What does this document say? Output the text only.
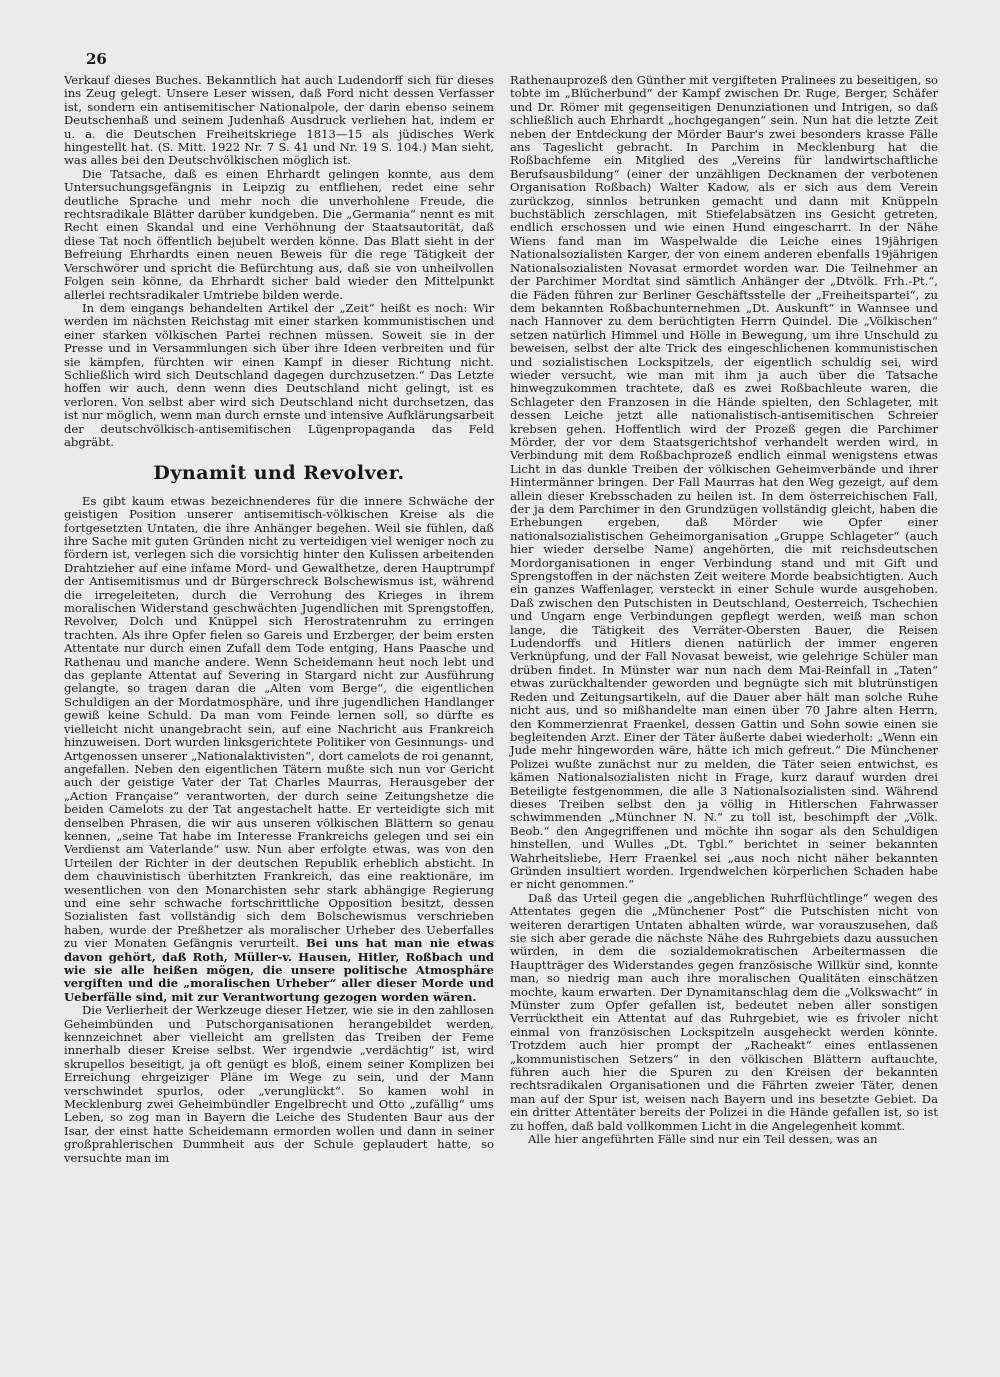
26

Verkauf dieses Buches. Bekanntlich hat auch Ludendorff sich für dieses ins Zeug gelegt. Unsere Leser wissen, daß Ford nicht dessen Verfasser ist, sondern ein antisemitischer Nationalpole, der darin ebenso seinem Deutschenhaß und seinem Judenhaß Ausdruck verliehen hat, indem er u. a. die Deutschen Freiheitskriege 1813—15 als jüdisches Werk hingestellt hat. (S. Mitt. 1922 Nr. 7 S. 41 und Nr. 19 S. 104.) Man sieht, was alles bei den Deutschvölkischen möglich ist.

Die Tatsache, daß es einen Ehrhardt gelingen konnte, aus dem Untersuchungsgefängnis in Leipzig zu entfliehen, redet eine sehr deutliche Sprache und mehr noch die unverhohlene Freude, die rechtsradikale Blätter darüber kundgeben. Die „Germania“ nennt es mit Recht einen Skandal und eine Verhöhnung der Staatsautorität, daß diese Tat noch öffentlich bejubelt werden könne. Das Blatt sieht in der Befreiung Ehrhardts einen neuen Beweis für die rege Tätigkeit der Verschwörer und spricht die Befürchtung aus, daß sie von unheilvollen Folgen sein könne, da Ehrhardt sicher bald wieder den Mittelpunkt allerlei rechtsradikaler Umtriebe bilden werde.

In dem eingangs behandelten Artikel der „Zeit“ heißt es noch: Wir werden im nächsten Reichstag mit einer starken kommunistischen und einer starken völkischen Partei rechnen müssen. Soweit sie in der Presse und in Versammlungen sich über ihre Ideen verbreiten und für sie kämpfen, fürchten wir einen Kampf in dieser Richtung nicht. Schließlich wird sich Deutschland dagegen durchzusetzen.“ Das Letzte hoffen wir auch, denn wenn dies Deutschland nicht gelingt, ist es verloren. Von selbst aber wird sich Deutschland nicht durchsetzen, das ist nur möglich, wenn man durch ernste und intensive Aufklärungsarbeit der deutschvölkisch-antisemitischen Lügenpropaganda das Feld abgräbt.

Dynamit und Revolver.

Es gibt kaum etwas bezeichnenderes für die innere Schwäche der geistigen Position unserer antisemitisch-völkischen Kreise als die fortgesetzten Untaten, die ihre Anhänger begehen. Weil sie fühlen, daß ihre Sache mit guten Gründen nicht zu verteidigen viel weniger noch zu fördern ist, verlegen sich die vorsichtig hinter den Kulissen arbeitenden Drahtzieher auf eine infame Mord- und Gewalthetze, deren Hauptrumpf der Antisemitismus und dr Bürgerschreck Bolschewismus ist, während die irregeleiteten, durch die Verrohung des Krieges in ihrem moralischen Widerstand geschwächten Jugendlichen mit Sprengstoffen, Revolver, Dolch und Knüppel sich Herostratenruhm zu erringen trachten. Als ihre Opfer fielen so Gareis und Erzberger, der beim ersten Attentate nur durch einen Zufall dem Tode entging, Hans Paasche und Rathenau und manche andere. Wenn Scheidemann heut noch lebt und das geplante Attentat auf Severing in Stargard nicht zur Ausführung gelangte, so tragen daran die „Alten vom Berge“, die eigentlichen Schuldigen an der Mordatmosphäre, und ihre jugendlichen Handlanger gewiß keine Schuld. Da man vom Feinde lernen soll, so dürfte es vielleicht nicht unangebracht sein, auf eine Nachricht aus Frankreich hinzuweisen. Dort wurden linksgerichtete Politiker von Gesinnungs- und Artgenossen unserer „Nationalaktivisten“, dort camelots de roi genannt, angefallen. Neben den eigentlichen Tätern mußte sich nun vor Gericht auch der geistige Vater der Tat Charles Maurras, Herausgeber der „Action Française“ verantworten, der durch seine Zeitungshetze die beiden Camelots zu der Tat angestachelt hatte. Er verteidigte sich mit denselben Phrasen, die wir aus unseren völkischen Blättern so genau kennen, „seine Tat habe im Interesse Frankreichs gelegen und sei ein Verdienst am Vaterlande“ usw. Nun aber erfolgte etwas, was von den Urteilen der Richter in der deutschen Republik erheblich absticht. In dem chauvinistisch überhitzten Frankreich, das eine reaktionäre, im wesentlichen von den Monarchisten sehr stark abhängige Regierung und eine sehr schwache fortschrittliche Opposition besitzt, dessen Sozialisten fast vollständig sich dem Bolschewismus verschrieben haben, wurde der Preßhetzer als moralischer Urheber des Ueberfalles zu vier Monaten Gefängnis verurteilt. Bei uns hat man nie etwas davon gehört, daß Roth, Müller-v. Hausen, Hitler, Roßbach und wie sie alle heißen mögen, die unsere politische Atmosphäre vergiften und die „moralischen Urheber“ aller dieser Morde und Ueberfälle sind, mit zur Verantwortung gezogen worden wären.

Die Verlierheit der Werkzeuge dieser Hetzer, wie sie in den zahllosen Geheimbünden und Putschorganisationen herangebildet werden, kennzeichnet aber vielleicht am grellsten das Treiben der Feme innerhalb dieser Kreise selbst. Wer irgendwie „verdächtig“ ist, wird skrupellos beseitigt, ja oft genügt es bloß, einem seiner Komplizen bei Erreichung ehrgeiziger Pläne im Wege zu sein, und der Mann verschwindet spurlos, oder „verunglückt“. So kamen wohl in Mecklenburg zwei Geheimbündler Engelbrecht und Otto „zufällig“ ums Leben, so zog man in Bayern die Leiche des Studenten Baur aus der Isar, der einst hatte Scheidemann ermorden wollen und dann in seiner großprahlerischen Dummheit aus der Schule geplaudert hatte, so versuchte man im

Rathenauprozeß den Günther mit vergifteten Pralinees zu beseitigen, so tobte im „Blücherbund“ der Kampf zwischen Dr. Ruge, Berger, Schäfer und Dr. Römer mit gegenseitigen Denunziationen und Intrigen, so daß schließlich auch Ehrhardt „hochgegangen“ sein. Nun hat die letzte Zeit neben der Entdeckung der Mörder Baur's zwei besonders krasse Fälle ans Tageslicht gebracht. In Parchim in Mecklenburg hat die Roßbachfeme ein Mitglied des „Vereins für landwirtschaftliche Berufsausbildung“ (einer der unzähligen Decknamen der verbotenen Organisation Roßbach) Walter Kadow, als er sich aus dem Verein zurückzog, sinnlos betrunken gemacht und dann mit Knüppeln buchstäblich zerschlagen, mit Stiefelabsätzen ins Gesicht getreten, endlich erschossen und wie einen Hund eingescharrt. In der Nähe Wiens fand man im Waspelwalde die Leiche eines 19jährigen Nationalsozialisten Karger, der von einem anderen ebenfalls 19jährigen Nationalsozialisten Novasat ermordet worden war. Die Teilnehmer an der Parchimer Mordtat sind sämtlich Anhänger der „Dtvölk. Frh.-Pt.“, die Fäden führen zur Berliner Geschäftsstelle der „Freiheitspartei“, zu dem bekannten Roßbachunternehmen „Dt. Auskunft“ in Wannsee und nach Hannover zu dem berüchtigten Herrn Quindel. Die „Völkischen“ setzen natürlich Himmel und Hölle in Bewegung, um ihre Unschuld zu beweisen, selbst der alte Trick des eingeschlichenen kommunistischen und sozialistischen Lockspitzels, der eigentlich schuldig sei, wird wieder versucht, wie man mit ihm ja auch über die Tatsache hinwegzukommen trachtete, daß es zwei Roßbachleute waren, die Schlageter den Franzosen in die Hände spielten, den Schlageter, mit dessen Leiche jetzt alle nationalistisch-antisemitischen Schreier krebsen gehen. Hoffentlich wird der Prozeß gegen die Parchimer Mörder, der vor dem Staatsgerichtshof verhandelt werden wird, in Verbindung mit dem Roßbachprozeß endlich einmal wenigstens etwas Licht in das dunkle Treiben der völkischen Geheimverbände und ihrer Hintermänner bringen. Der Fall Maurras hat den Weg gezeigt, auf dem allein dieser Krebsschaden zu heilen ist. In dem österreichischen Fall, der ja dem Parchimer in den Grundzügen vollständig gleicht, haben die Erhebungen ergeben, daß Mörder wie Opfer einer nationalsozialistischen Geheimorganisation „Gruppe Schlageter“ (auch hier wieder derselbe Name) angehörten, die mit reichsdeutschen Mordorganisationen in enger Verbindung stand und mit Gift und Sprengstoffen in der nächsten Zeit weitere Morde beabsichtigten. Auch ein ganzes Waffenlager, versteckt in einer Schule wurde ausgehoben. Daß zwischen den Putschisten in Deutschland, Oesterreich, Tschechien und Ungarn enge Verbindungen gepflegt werden, weiß man schon lange, die Tätigkeit des Verräter-Obersten Bauer, die Reisen Ludendorffs und Hitlers dienen natürlich der immer engeren Verknüpfung, und der Fall Novasat beweist, wie gelehrige Schüler man drüben findet. In Münster war nun nach dem Mai-Reinfall in „Taten“ etwas zurückhaltender geworden und begnügte sich mit blutrünstigen Reden und Zeitungsartikeln, auf die Dauer aber hält man solche Ruhe nicht aus, und so mißhandelte man einen über 70 Jahre alten Herrn, den Kommerzienrat Fraenkel, dessen Gattin und Sohn sowie einen sie begleitenden Arzt. Einer der Täter äußerte dabei wiederholt: „Wenn ein Jude mehr hingeworden wäre, hätte ich mich gefreut.“ Die Münchener Polizei wußte zunächst nur zu melden, die Täter seien entwichst, es kämen Nationalsozialisten nicht in Frage, kurz darauf wurden drei Beteiligte festgenommen, die alle 3 Nationalsozialisten sind. Während dieses Treiben selbst den ja völlig in Hitlerschen Fahrwasser schwimmenden „Münchner N. N.“ zu toll ist, beschimpft der „Völk. Beob.“ den Angegriffenen und möchte ihn sogar als den Schuldigen hinstellen, und Wulles „Dt. Tgbl.“ berichtet in seiner bekannten Wahrheitsliebe, Herr Fraenkel sei „aus noch nicht näher bekannten Gründen insultiert worden. Irgendwelchen körperlichen Schaden habe er nicht genommen.“

Daß das Urteil gegen die „angeblichen Ruhrflüchtlinge“ wegen des Attentates gegen die „Münchener Post“ die Putschisten nicht von weiteren derartigen Untaten abhalten würde, war vorauszusehen, daß sie sich aber gerade die nächste Nähe des Ruhrgebiets dazu aussuchen würden, in dem die sozialdemokratischen Arbeitermassen die Hauptträger des Widerstandes gegen französische Willkür sind, konnte man, so niedrig man auch ihre moralischen Qualitäten einschätzen mochte, kaum erwarten. Der Dynamitanschlag dem die „Volkswacht“ in Münster zum Opfer gefallen ist, bedeutet neben aller sonstigen Verrücktheit ein Attentat auf das Ruhrgebiet, wie es frivoler nicht einmal von französischen Lockspitzeln ausgeheckt werden könnte. Trotzdem auch hier prompt der „Racheakt“ eines entlassenen „kommunistischen Setzers“ in den völkischen Blättern auftauchte, führen auch hier die Spuren zu den Kreisen der bekannten rechtsradikalen Organisationen und die Fährten zweier Täter, denen man auf der Spur ist, weisen nach Bayern und ins besetzte Gebiet. Da ein dritter Attentäter bereits der Polizei in die Hände gefallen ist, so ist zu hoffen, daß bald vollkommen Licht in die Angelegenheit kommt.

Alle hier angeführten Fälle sind nur ein Teil dessen, was an
